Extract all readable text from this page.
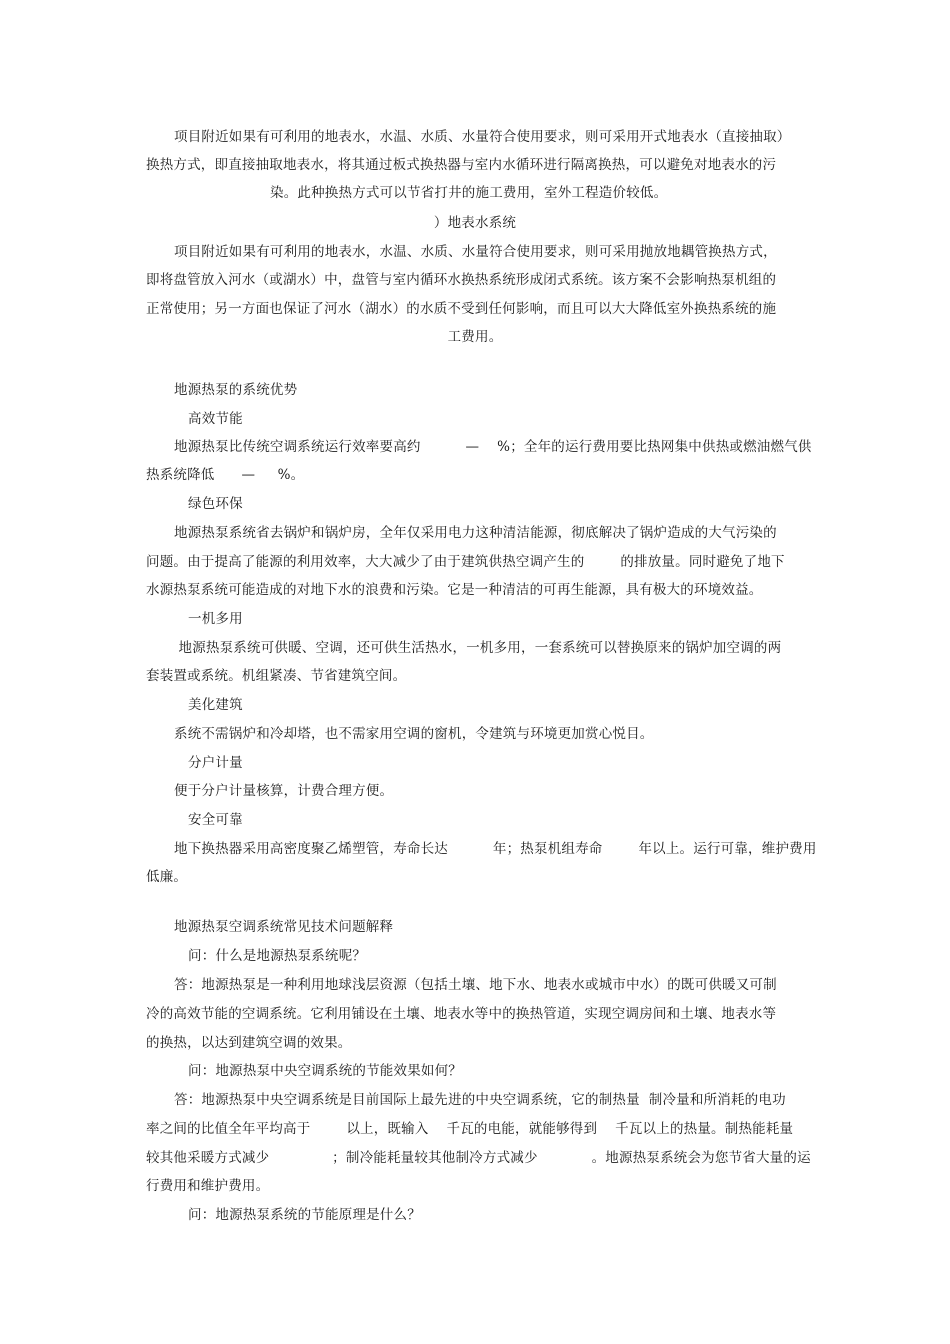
项目附近如果有可利用的地表水，水温、水质、水量符合使用要求，则可采用开式地表水（直接抽取）
换热方式，即直接抽取地表水，将其通过板式换热器与室内水循环进行隔离换热，可以避免对地表水的污
染。此种换热方式可以节省打井的施工费用，室外工程造价较低。
）地表水系统
项目附近如果有可利用的地表水，水温、水质、水量符合使用要求，则可采用抛放地耦管换热方式，
即将盘管放入河水（或湖水）中，盘管与室内循环水换热系统形成闭式系统。该方案不会影响热泵机组的
正常使用；另一方面也保证了河水（湖水）的水质不受到任何影响，而且可以大大降低室外换热系统的施
工费用。
地源热泵的系统优势
高效节能
地源热泵比传统空调系统运行效率要高约          —    %；全年的运行费用要比热网集中供热或燃油燃气供
热系统降低      —     %。
绿色环保
地源热泵系统省去锅炉和锅炉房，全年仅采用电力这种清洁能源，彻底解决了锅炉造成的大气污染的
问题。由于提高了能源的利用效率，大大减少了由于建筑供热空调产生的        的排放量。同时避免了地下
水源热泵系统可能造成的对地下水的浪费和污染。它是一种清洁的可再生能源，具有极大的环境效益。
一机多用
地源热泵系统可供暖、空调，还可供生活热水，一机多用，一套系统可以替换原来的锅炉加空调的两
套装置或系统。机组紧凑、节省建筑空间。
美化建筑
系统不需锅炉和冷却塔，也不需家用空调的窗机，令建筑与环境更加赏心悦目。
分户计量
便于分户计量核算，计费合理方便。
安全可靠
地下换热器采用高密度聚乙烯塑管，寿命长达          年；热泵机组寿命        年以上。运行可靠，维护费用
低廉。
地源热泵空调系统常见技术问题解释
问：什么是地源热泵系统呢？
答：地源热泵是一种利用地球浅层资源（包括土壤、地下水、地表水或城市中水）的既可供暖又可制
冷的高效节能的空调系统。它利用铺设在土壤、地表水等中的换热管道，实现空调房间和土壤、地表水等
的换热，以达到建筑空调的效果。
问：地源热泵中央空调系统的节能效果如何？
答：地源热泵中央空调系统是目前国际上最先进的中央空调系统，它的制热量  制冷量和所消耗的电功
率之间的比值全年平均高于        以上，既输入    千瓦的电能，就能够得到    千瓦以上的热量。制热能耗量
较其他采暖方式减少              ；制冷能耗量较其他制冷方式减少            。地源热泵系统会为您节省大量的运
行费用和维护费用。
问：地源热泵系统的节能原理是什么？
